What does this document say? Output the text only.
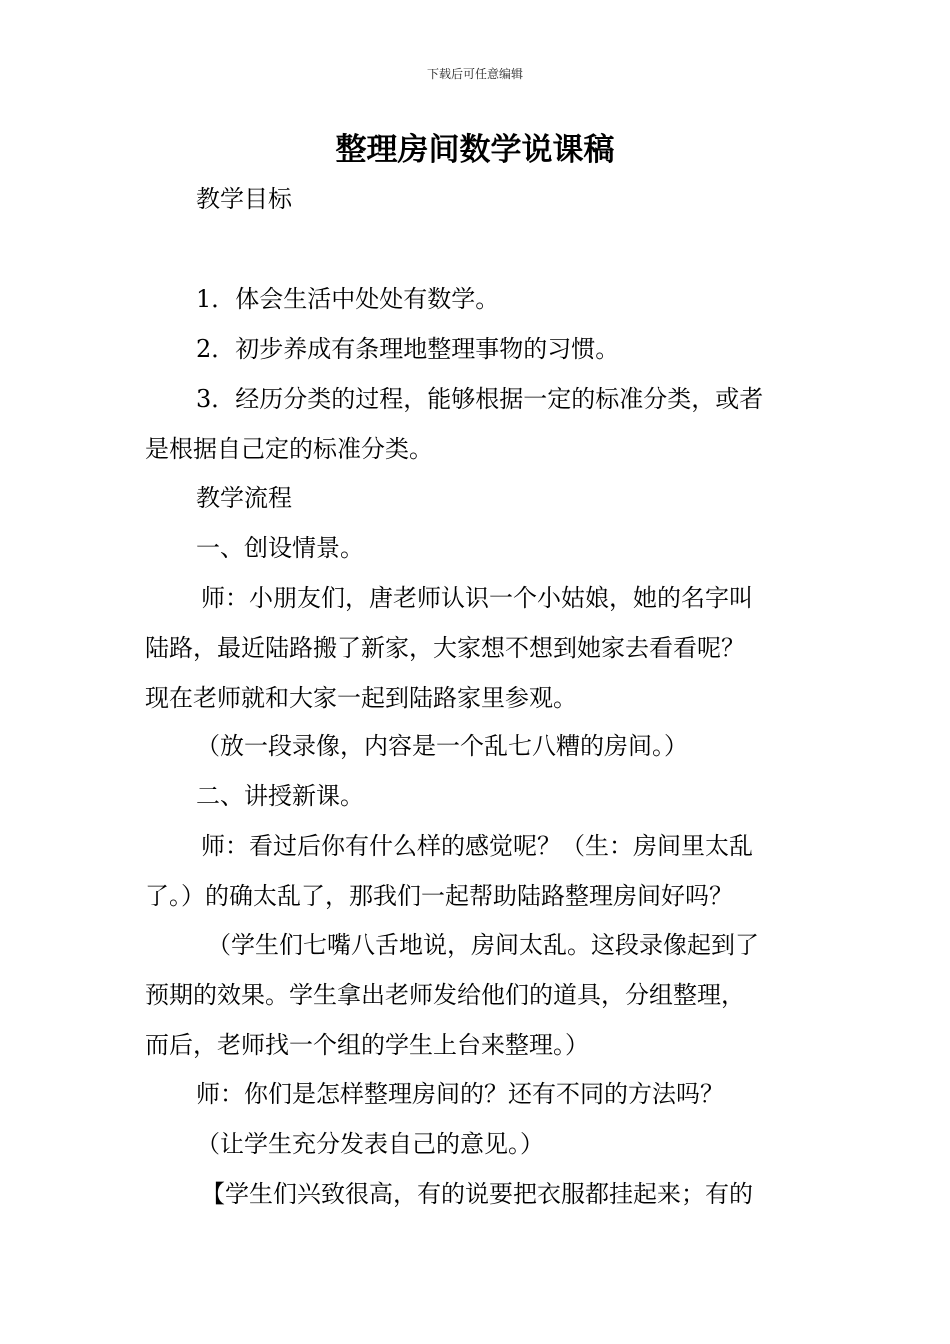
下载后可任意编辑
整理房间数学说课稿
教学目标
1．体会生活中处处有数学。
2．初步养成有条理地整理事物的习惯。
3．经历分类的过程，能够根据一定的标准分类，或者
是根据自己定的标准分类。
教学流程
一、创设情景。
师：小朋友们，唐老师认识一个小姑娘，她的名字叫
陆路，最近陆路搬了新家，大家想不想到她家去看看呢？
现在老师就和大家一起到陆路家里参观。
（放一段录像，内容是一个乱七八糟的房间。）
二、讲授新课。
师：看过后你有什么样的感觉呢？（生：房间里太乱
了。）的确太乱了，那我们一起帮助陆路整理房间好吗？
（学生们七嘴八舌地说，房间太乱。这段录像起到了
预期的效果。学生拿出老师发给他们的道具，分组整理，
而后，老师找一个组的学生上台来整理。）
师：你们是怎样整理房间的？还有不同的方法吗？
（让学生充分发表自己的意见。）
【学生们兴致很高，有的说要把衣服都挂起来；有的
